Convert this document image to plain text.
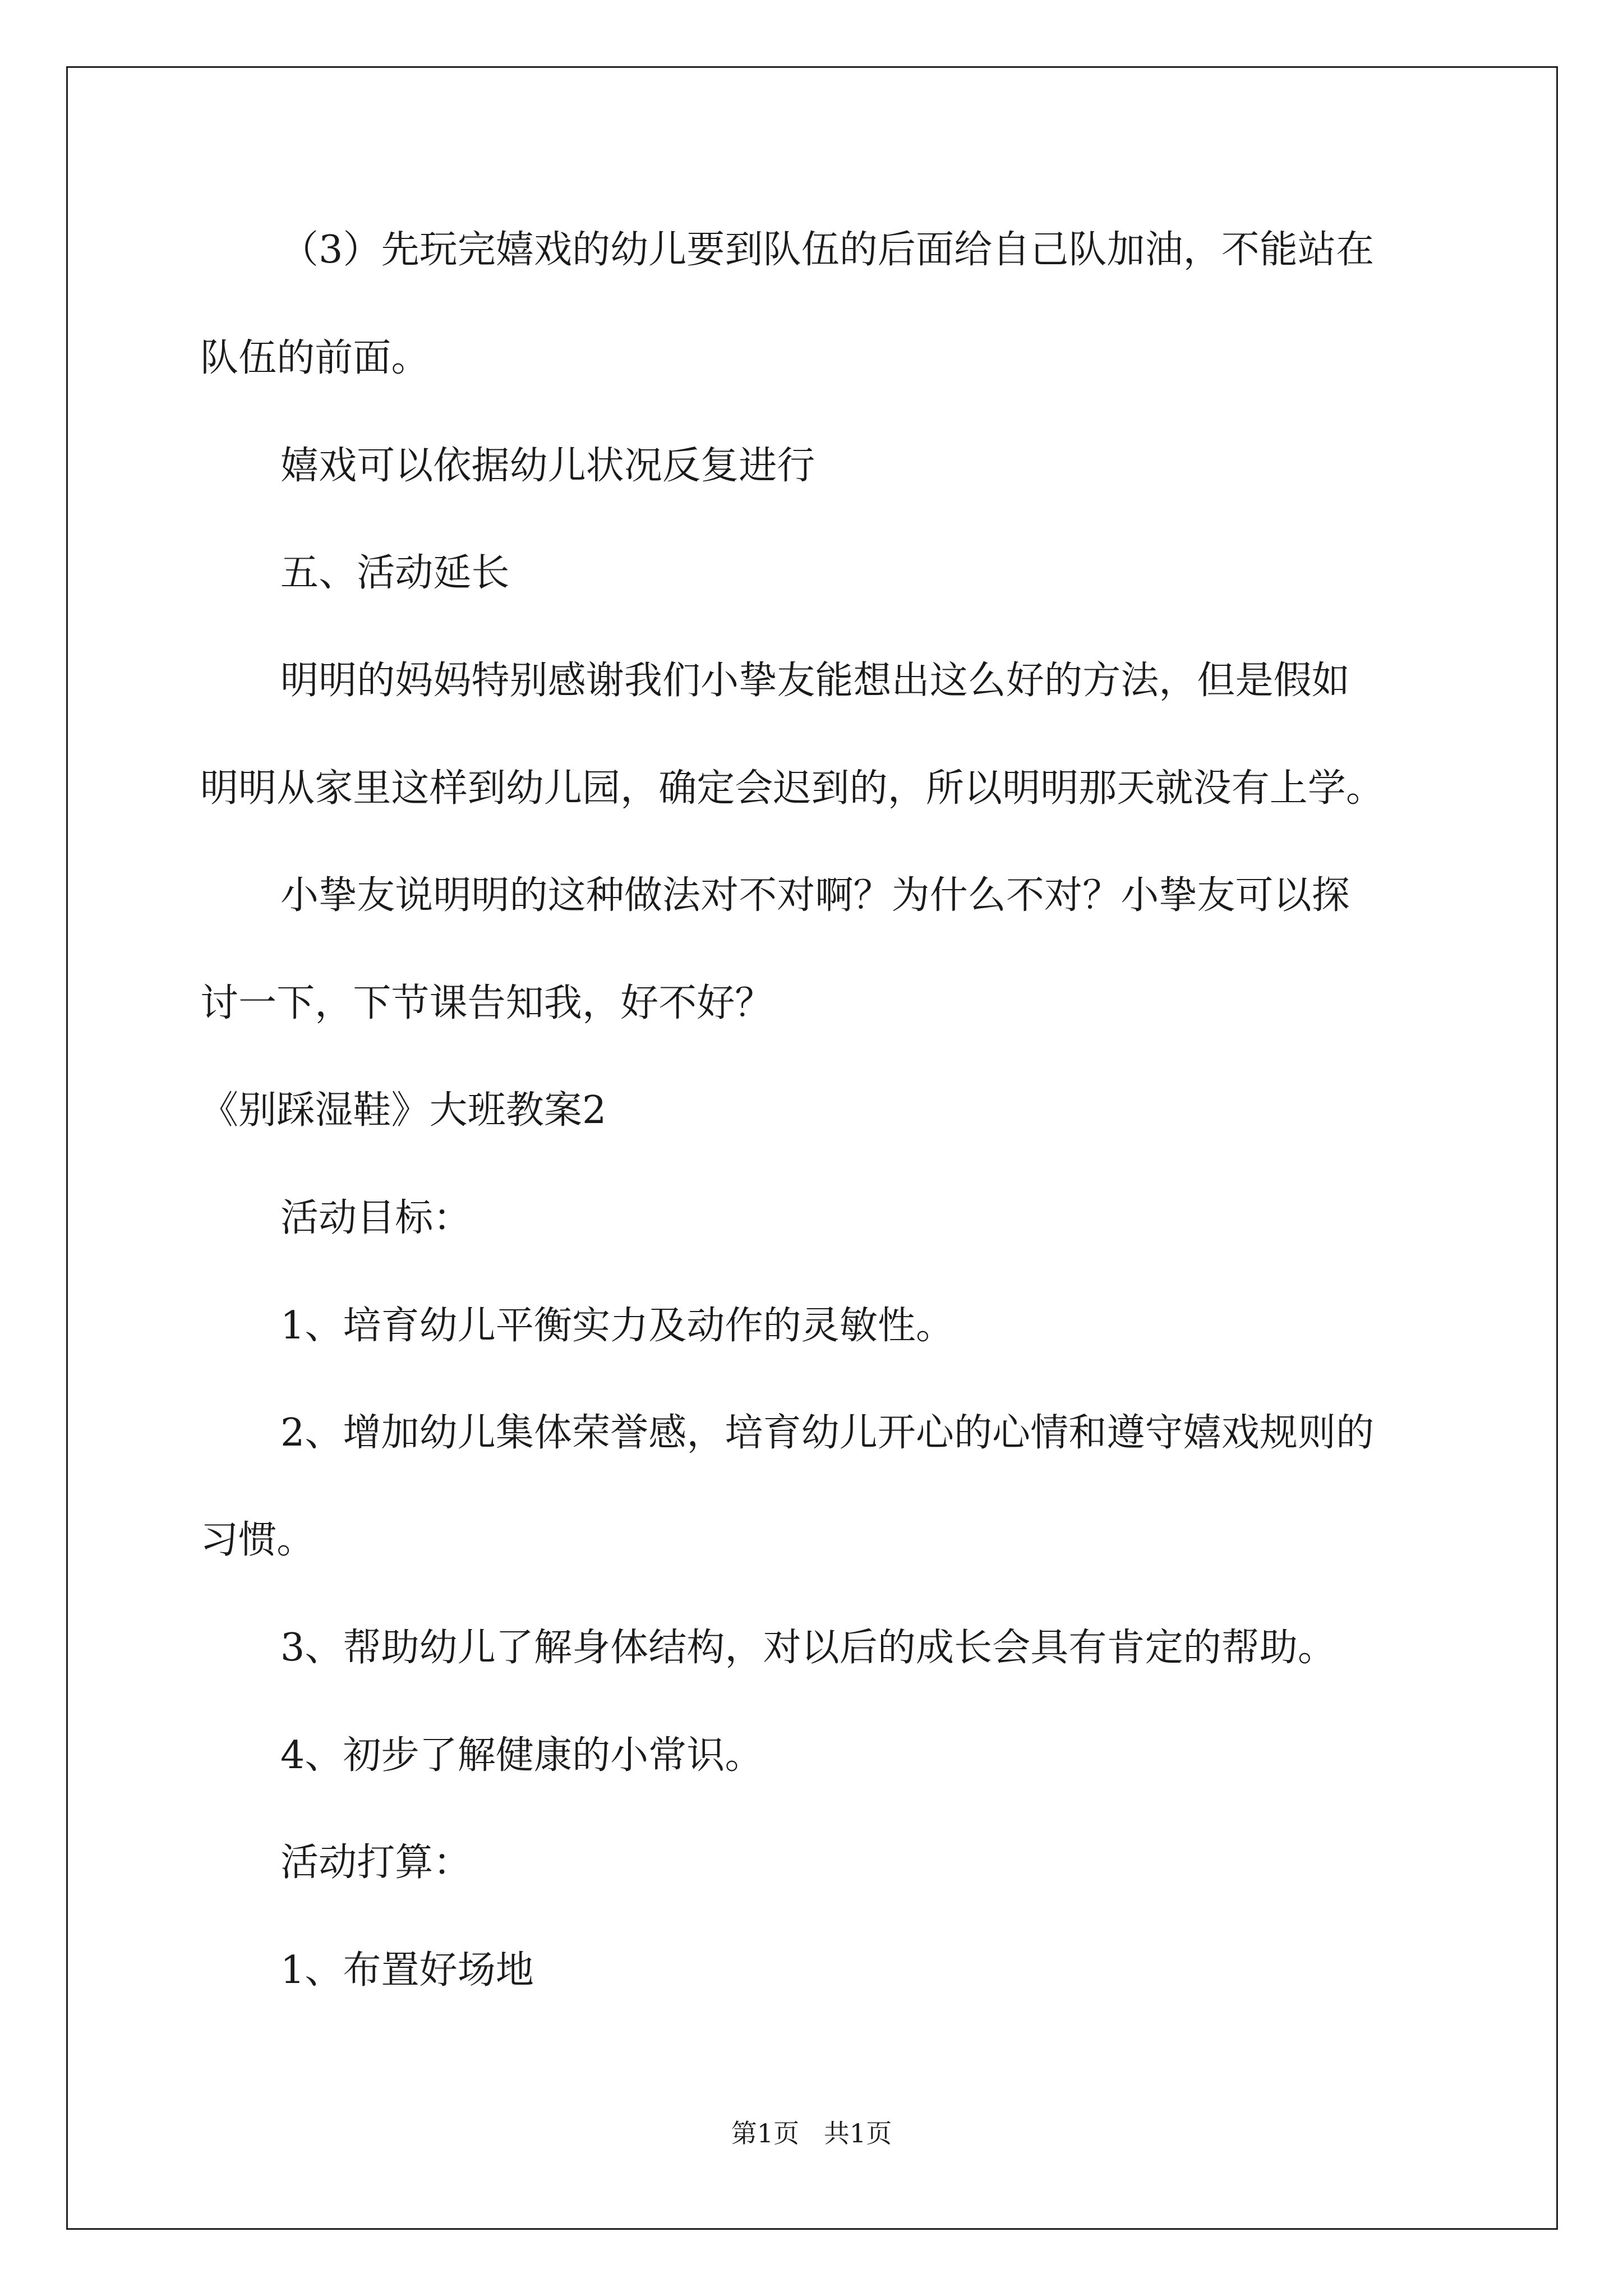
（3）先玩完嬉戏的幼儿要到队伍的后面给自己队加油，不能站在
队伍的前面。
嬉戏可以依据幼儿状况反复进行
五、活动延长
明明的妈妈特别感谢我们小挚友能想出这么好的方法，但是假如
明明从家里这样到幼儿园，确定会迟到的，所以明明那天就没有上学。
小挚友说明明的这种做法对不对啊？为什么不对？小挚友可以探
讨一下，下节课告知我，好不好？
《别踩湿鞋》大班教案2
活动目标：
1、培育幼儿平衡实力及动作的灵敏性。
2、增加幼儿集体荣誉感，培育幼儿开心的心情和遵守嬉戏规则的
习惯。
3、帮助幼儿了解身体结构，对以后的成长会具有肯定的帮助。
4、初步了解健康的小常识。
活动打算：
1、布置好场地
第1页   共1页
